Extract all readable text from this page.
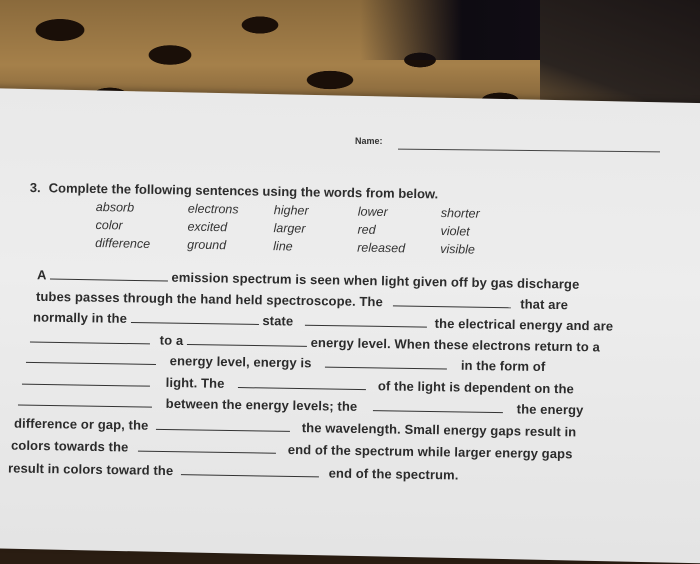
Name:
3. Complete the following sentences using the words from below.
absorb	electrons	higher	lower	shorter
color	excited	larger	red	violet
difference	ground	line	released	visible
A	emission spectrum is seen when light given off by gas discharge
tubes passes through the hand held spectroscope. The	that are
normally in the	state	the electrical energy and are
to a	energy level. When these electrons return to a
energy level, energy is	in the form of
light. The	of the light is dependent on the
between the energy levels; the	the energy
difference or gap, the	the wavelength. Small energy gaps result in
colors towards the	end of the spectrum while larger energy gaps
result in colors toward the	end of the spectrum.
